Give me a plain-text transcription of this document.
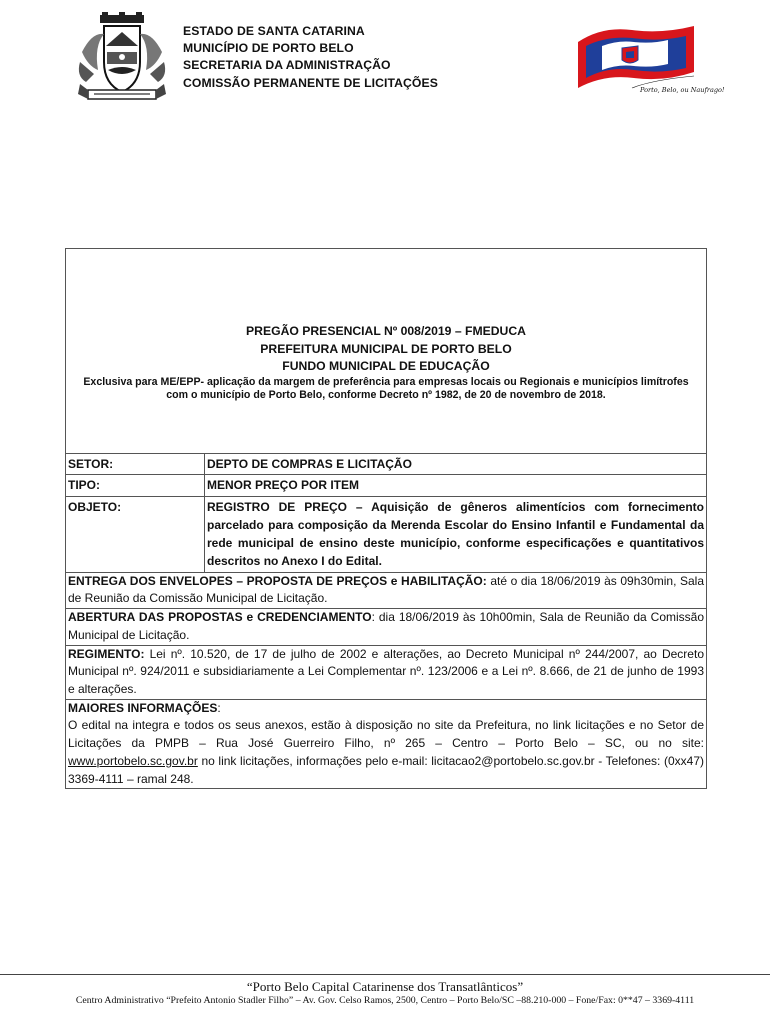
ESTADO DE SANTA CATARINA
MUNICÍPIO DE PORTO BELO
SECRETARIA DA ADMINISTRAÇÃO
COMISSÃO PERMANENTE DE LICITAÇÕES
Porto, Belo, ou Naufrago!
PREGÃO PRESENCIAL Nº 008/2019 – FMEDUCA
PREFEITURA MUNICIPAL DE PORTO BELO
FUNDO MUNICIPAL DE EDUCAÇÃO
Exclusiva para ME/EPP- aplicação da margem de preferência para empresas locais ou Regionais e municípios limítrofes com o município de Porto Belo, conforme Decreto nº 1982, de 20 de novembro de 2018.
SETOR:	DEPTO DE COMPRAS E LICITAÇÃO
TIPO:	MENOR PREÇO POR ITEM
OBJETO:	REGISTRO DE PREÇO – Aquisição de gêneros alimentícios com fornecimento parcelado para composição da Merenda Escolar do Ensino Infantil e Fundamental da rede municipal de ensino deste município, conforme especificações e quantitativos descritos no Anexo I do Edital.
ENTREGA DOS ENVELOPES – PROPOSTA DE PREÇOS e HABILITAÇÃO: até o dia 18/06/2019 às 09h30min, Sala de Reunião da Comissão Municipal de Licitação.
ABERTURA DAS PROPOSTAS e CREDENCIAMENTO: dia 18/06/2019 às 10h00min, Sala de Reunião da Comissão Municipal de Licitação.
REGIMENTO: Lei nº. 10.520, de 17 de julho de 2002 e alterações, ao Decreto Municipal nº 244/2007, ao Decreto Municipal nº. 924/2011 e subsidiariamente a Lei Complementar nº. 123/2006 e a Lei nº. 8.666, de 21 de junho de 1993 e alterações.
MAIORES INFORMAÇÕES:
O edital na integra e todos os seus anexos, estão à disposição no site da Prefeitura, no link licitações e no Setor de Licitações da PMPB – Rua José Guerreiro Filho, nº 265 – Centro – Porto Belo – SC, ou no site: www.portobelo.sc.gov.br no link licitações, informações pelo e-mail: licitacao2@portobelo.sc.gov.br - Telefones: (0xx47) 3369-4111 – ramal 248.
“Porto Belo Capital Catarinense dos Transatlânticos”
Centro Administrativo “Prefeito Antonio Stadler Filho” – Av. Gov. Celso Ramos, 2500, Centro – Porto Belo/SC –88.210-000 – Fone/Fax: 0**47 – 3369-4111
